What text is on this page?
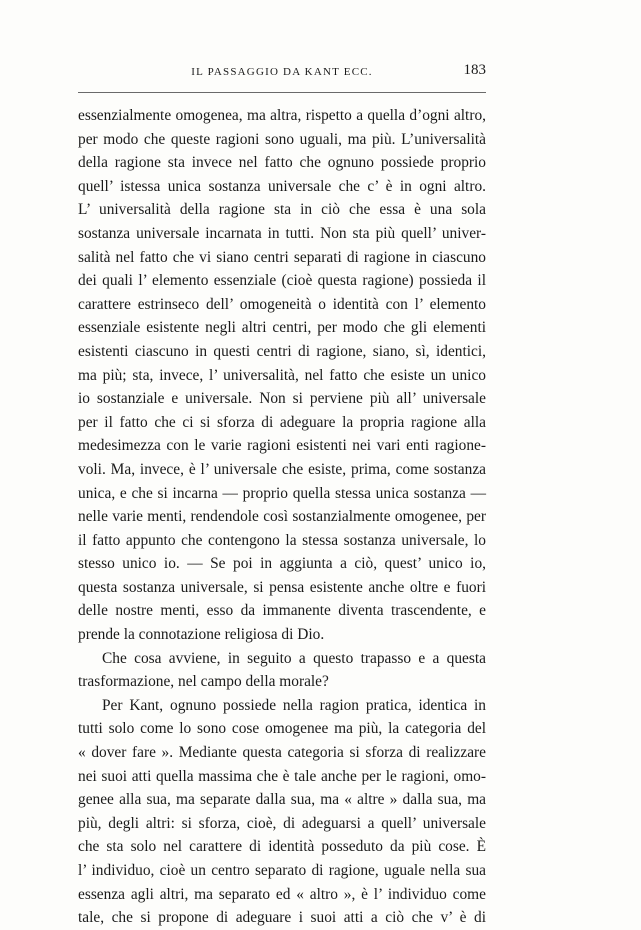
IL PASSAGGIO DA KANT ECC.	183
essenzialmente omogenea, ma altra, rispetto a quella d’ogni altro,
per modo che queste ragioni sono uguali, ma più. L’universalità
della ragione sta invece nel fatto che ognuno possiede proprio
quell’ istessa unica sostanza universale che c’ è in ogni altro.
L’ universalità della ragione sta in ciò che essa è una sola
sostanza universale incarnata in tutti. Non sta più quell’ univer-
salità nel fatto che vi siano centri separati di ragione in ciascuno
dei quali l’ elemento essenziale (cioè questa ragione) possieda il
carattere estrinseco dell’ omogeneità o identità con l’ elemento
essenziale esistente negli altri centri, per modo che gli elementi
esistenti ciascuno in questi centri di ragione, siano, sì, identici,
ma più; sta, invece, l’ universalità, nel fatto che esiste un unico
io sostanziale e universale. Non si perviene più all’ universale
per il fatto che ci si sforza di adeguare la propria ragione alla
medesimezza con le varie ragioni esistenti nei vari enti ragione-
voli. Ma, invece, è l’ universale che esiste, prima, come sostanza
unica, e che si incarna — proprio quella stessa unica sostanza —
nelle varie menti, rendendole così sostanzialmente omogenee, per
il fatto appunto che contengono la stessa sostanza universale, lo
stesso unico io. — Se poi in aggiunta a ciò, quest’ unico io,
questa sostanza universale, si pensa esistente anche oltre e fuori
delle nostre menti, esso da immanente diventa trascendente, e
prende la connotazione religiosa di Dio.
Che cosa avviene, in seguito a questo trapasso e a questa
trasformazione, nel campo della morale?
Per Kant, ognuno possiede nella ragion pratica, identica in
tutti solo come lo sono cose omogenee ma più, la categoria del
« dover fare ». Mediante questa categoria si sforza di realizzare
nei suoi atti quella massima che è tale anche per le ragioni, omo-
genee alla sua, ma separate dalla sua, ma « altre » dalla sua, ma
più, degli altri: si sforza, cioè, di adeguarsi a quell’ universale
che sta solo nel carattere di identità posseduto da più cose. È
l’ individuo, cioè un centro separato di ragione, uguale nella sua
essenza agli altri, ma separato ed « altro », è l’ individuo come
tale, che si propone di adeguare i suoi atti a ciò che v’ è di
